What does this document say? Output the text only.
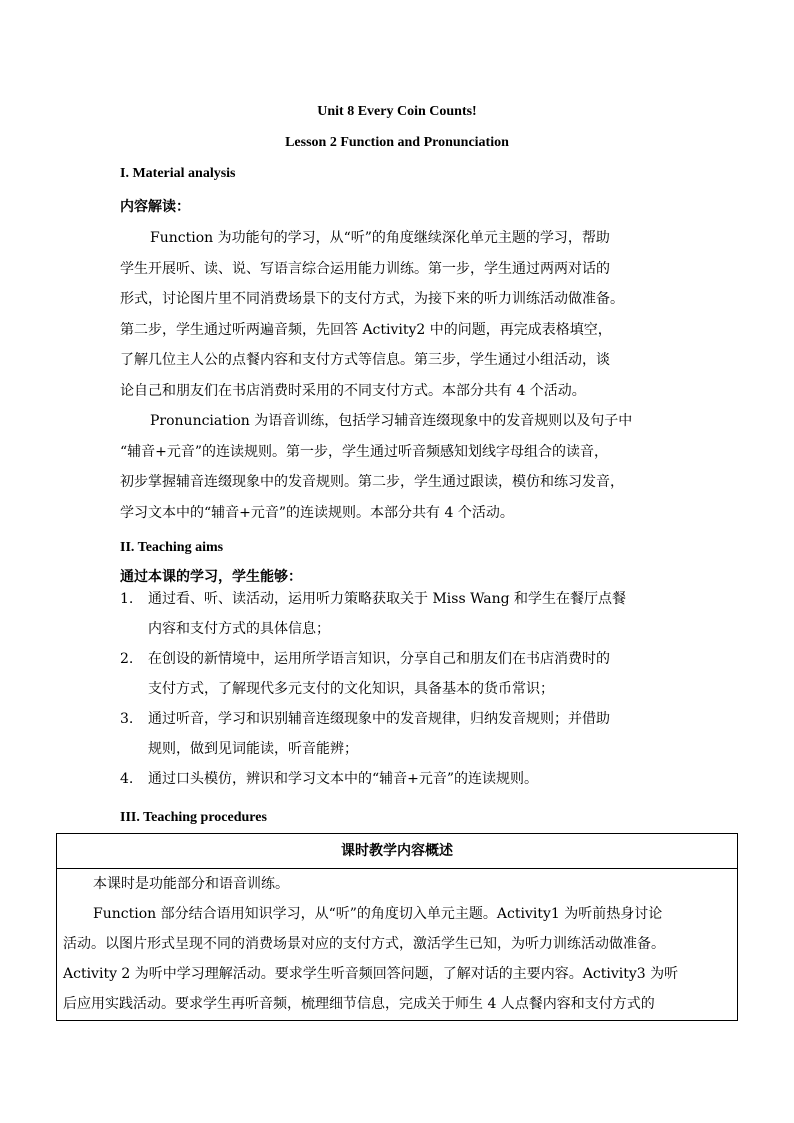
Unit 8 Every Coin Counts!
Lesson 2 Function and Pronunciation
I. Material analysis
内容解读：
Function 为功能句的学习，从“听”的角度继续深化单元主题的学习，帮助
学生开展听、读、说、写语言综合运用能力训练。第一步，学生通过两两对话的
形式，讨论图片里不同消费场景下的支付方式，为接下来的听力训练活动做准备。
第二步，学生通过听两遍音频，先回答 Activity2 中的问题，再完成表格填空，
了解几位主人公的点餐内容和支付方式等信息。第三步，学生通过小组活动，谈
论自己和朋友们在书店消费时采用的不同支付方式。本部分共有 4 个活动。
Pronunciation 为语音训练，包括学习辅音连缀现象中的发音规则以及句子中
“辅音+元音”的连读规则。第一步，学生通过听音频感知划线字母组合的读音，
初步掌握辅音连缀现象中的发音规则。第二步，学生通过跟读，模仿和练习发音，
学习文本中的“辅音+元音”的连读规则。本部分共有 4 个活动。
II. Teaching aims
通过本课的学习，学生能够：
1.	通过看、听、读活动，运用听力策略获取关于 Miss Wang 和学生在餐厅点餐
内容和支付方式的具体信息；
2.	在创设的新情境中，运用所学语言知识，分享自己和朋友们在书店消费时的
支付方式，了解现代多元支付的文化知识，具备基本的货币常识；
3.	通过听音，学习和识别辅音连缀现象中的发音规律，归纳发音规则；并借助
规则，做到见词能读，听音能辨；
4.	通过口头模仿，辨识和学习文本中的“辅音+元音”的连读规则。
III. Teaching procedures
课时教学内容概述
本课时是功能部分和语音训练。
Function 部分结合语用知识学习，从“听”的角度切入单元主题。Activity1 为听前热身讨论
活动。以图片形式呈现不同的消费场景对应的支付方式，激活学生已知，为听力训练活动做准备。
Activity 2 为听中学习理解活动。要求学生听音频回答问题，了解对话的主要内容。Activity3 为听
后应用实践活动。要求学生再听音频，梳理细节信息，完成关于师生 4 人点餐内容和支付方式的
